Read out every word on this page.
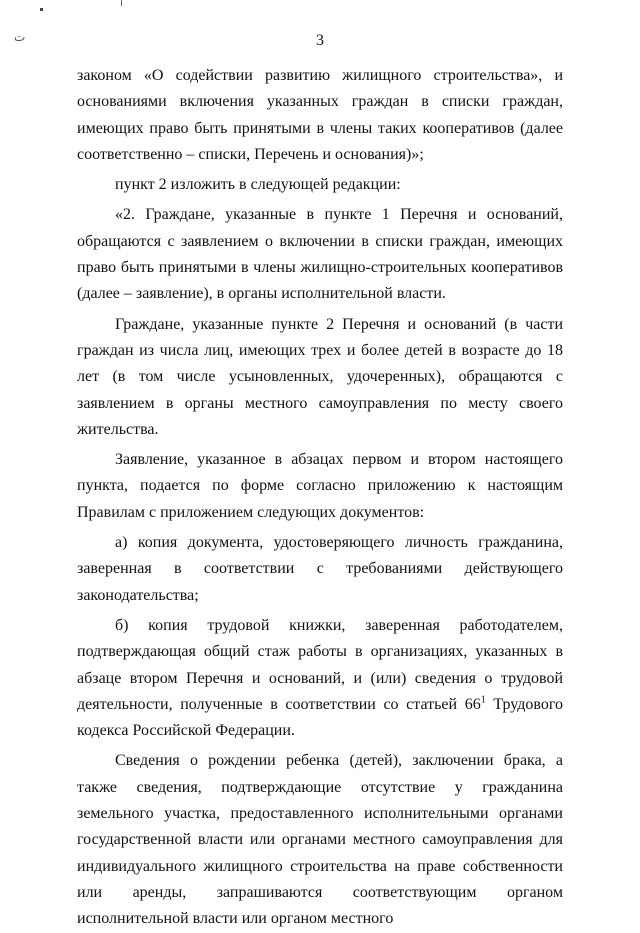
ت	3

законом «О содействии развитию жилищного строительства», и основаниями включения указанных граждан в списки граждан, имеющих право быть принятыми в члены таких кооперативов (далее соответственно – списки, Перечень и основания)»;

пункт 2 изложить в следующей редакции:

«2. Граждане, указанные в пункте 1 Перечня и оснований, обращаются с заявлением о включении в списки граждан, имеющих право быть принятыми в члены жилищно-строительных кооперативов (далее – заявление), в органы исполнительной власти.

Граждане, указанные пункте 2 Перечня и оснований (в части граждан из числа лиц, имеющих трех и более детей в возрасте до 18 лет (в том числе усыновленных, удочеренных), обращаются с заявлением в органы местного самоуправления по месту своего жительства.

Заявление, указанное в абзацах первом и втором настоящего пункта, подается по форме согласно приложению к настоящим Правилам с приложением следующих документов:

а) копия документа, удостоверяющего личность гражданина, заверенная в соответствии с требованиями действующего законодательства;

б) копия трудовой книжки, заверенная работодателем, подтверждающая общий стаж работы в организациях, указанных в абзаце втором Перечня и оснований, и (или) сведения о трудовой деятельности, полученные в соответствии со статьей $66^1$ Трудового кодекса Российской Федерации.

Сведения о рождении ребенка (детей), заключении брака, а также сведения, подтверждающие отсутствие у гражданина земельного участка, предоставленного исполнительными органами государственной власти или органами местного самоуправления для индивидуального жилищного строительства на праве собственности или аренды, запрашиваются соответствующим органом исполнительной власти или органом местного
